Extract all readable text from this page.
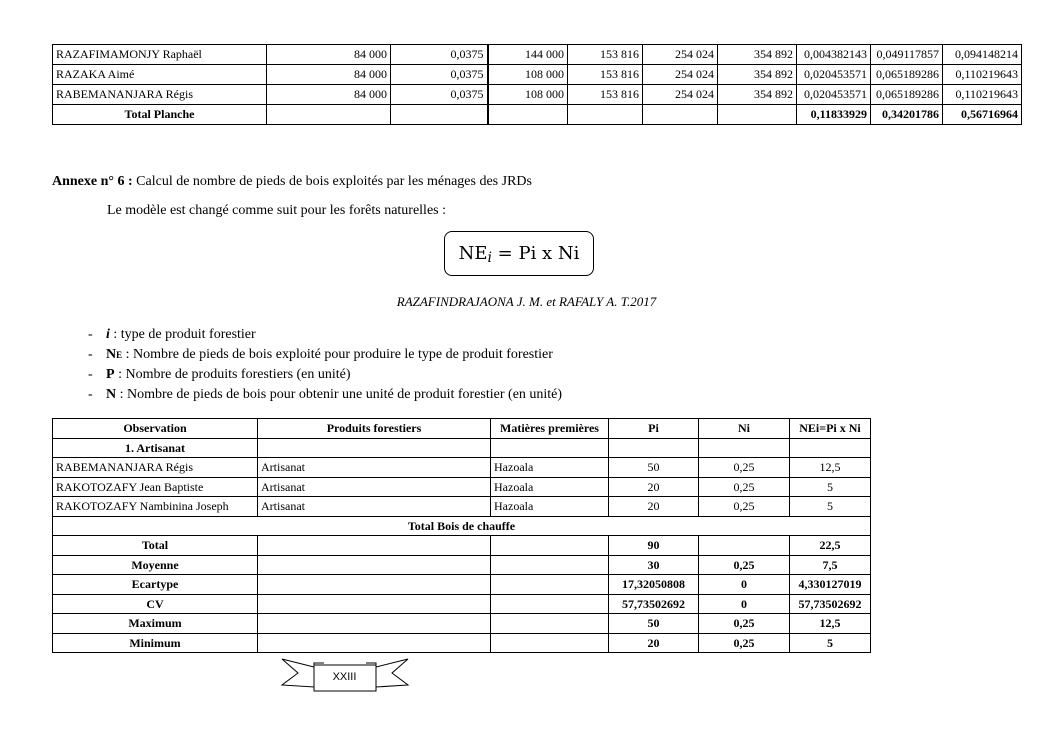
RAZAFIMAMONJY Raphaël	84 000	0,0375	144 000	153 816	254 024	354 892	0,004382143	0,049117857	0,094148214
RAZAKA Aimé	84 000	0,0375	108 000	153 816	254 024	354 892	0,020453571	0,065189286	0,110219643
RABEMANANJARA Régis	84 000	0,0375	108 000	153 816	254 024	354 892	0,020453571	0,065189286	0,110219643
Total Planche							0,11833929	0,34201786	0,56716964
Annexe n° 6 : Calcul de nombre de pieds de bois exploités par les ménages des JRDs
Le modèle est changé comme suit pour les forêts naturelles :
NE i = Pi x Ni
RAZAFINDRAJAONA J. M. et RAFALY A. T.2017
- i : type de produit forestier
- NE : Nombre de pieds de bois exploité pour produire le type de produit forestier
- P : Nombre de produits forestiers (en unité)
- N : Nombre de pieds de bois pour obtenir une unité de produit forestier (en unité)
Observation	Produits forestiers	Matières premières	Pi	Ni	NEi=Pi x Ni
1. Artisanat					
RABEMANANJARA Régis	Artisanat	Hazoala	50	0,25	12,5
RAKOTOZAFY Jean Baptiste	Artisanat	Hazoala	20	0,25	5
RAKOTOZAFY Nambinina Joseph	Artisanat	Hazoala	20	0,25	5
Total Bois de chauffe					
Total			90		22,5
Moyenne			30	0,25	7,5
Ecartype			17,32050808	0	4,330127019
CV			57,73502692	0	57,73502692
Maximum			50	0,25	12,5
Minimum			20	0,25	5
XXIII
